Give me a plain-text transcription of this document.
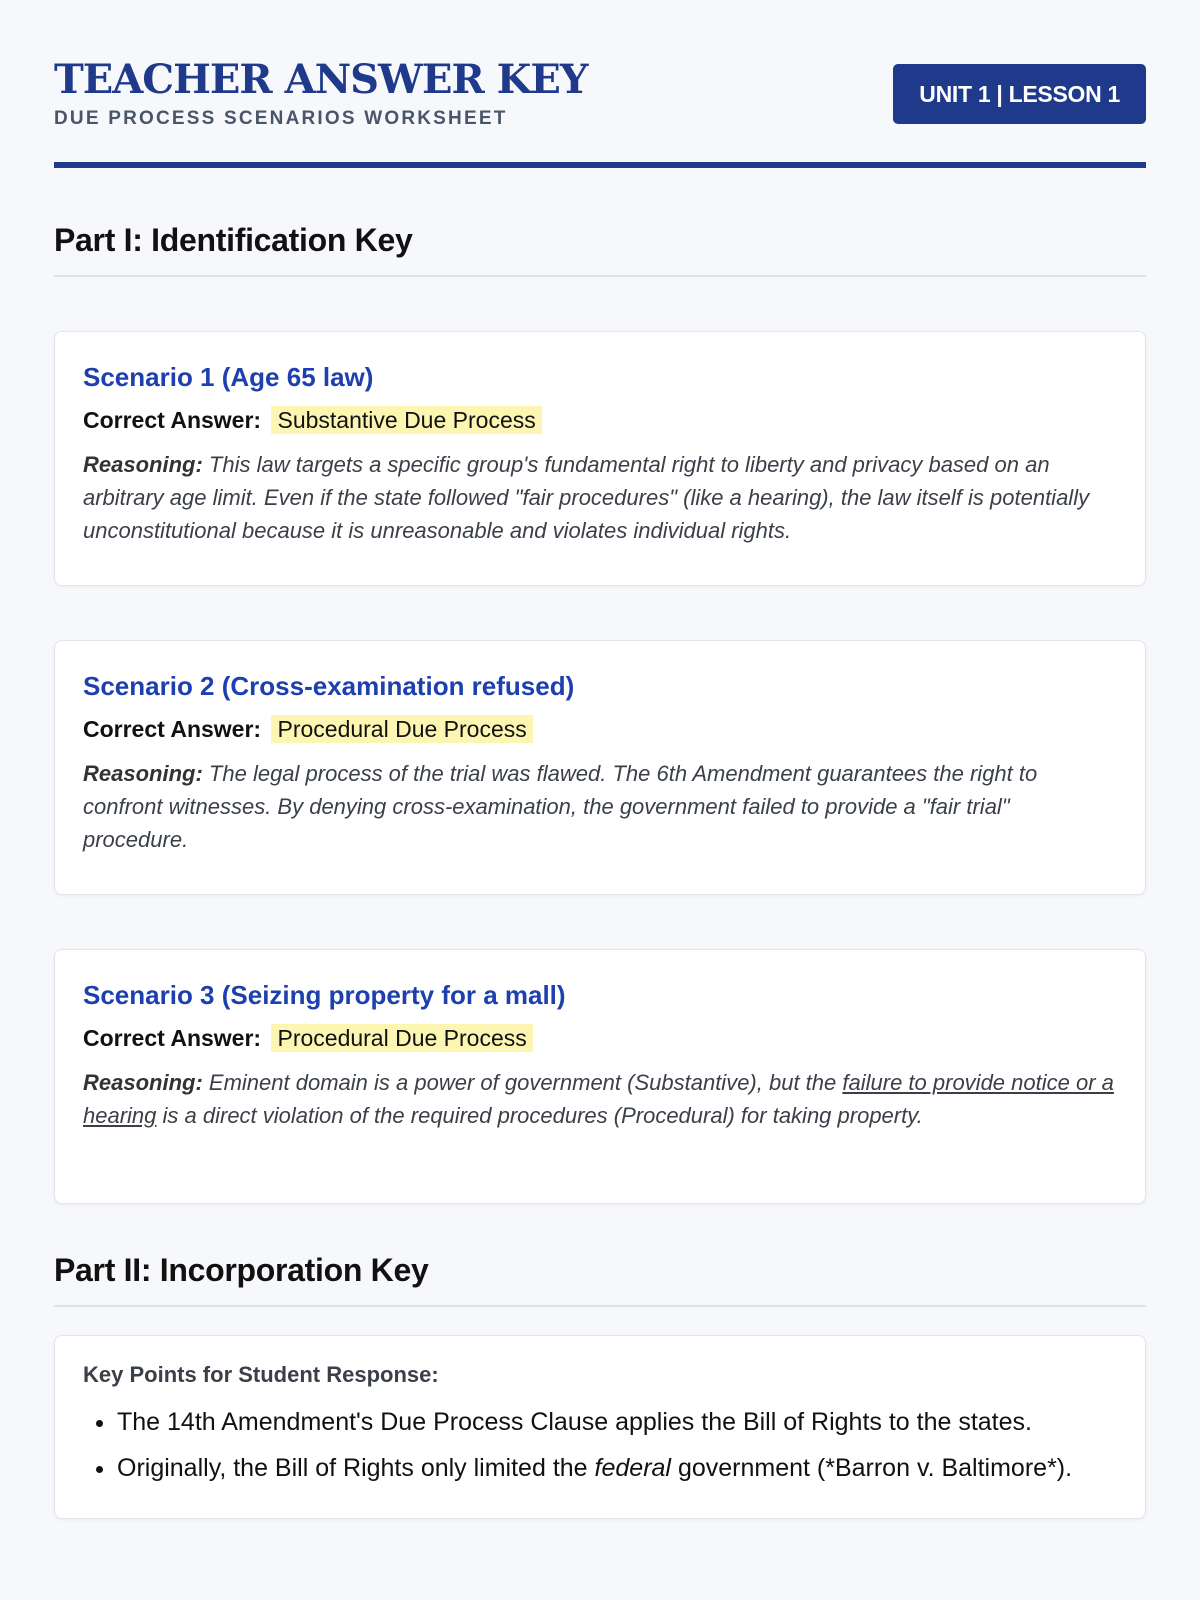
TEACHER ANSWER KEY
DUE PROCESS SCENARIOS WORKSHEET
UNIT 1 | LESSON 1
Part I: Identification Key
Scenario 1 (Age 65 law)
Correct Answer: Substantive Due Process
Reasoning: This law targets a specific group's fundamental right to liberty and privacy based on an arbitrary age limit. Even if the state followed "fair procedures" (like a hearing), the law itself is potentially unconstitutional because it is unreasonable and violates individual rights.
Scenario 2 (Cross-examination refused)
Correct Answer: Procedural Due Process
Reasoning: The legal process of the trial was flawed. The 6th Amendment guarantees the right to confront witnesses. By denying cross-examination, the government failed to provide a "fair trial" procedure.
Scenario 3 (Seizing property for a mall)
Correct Answer: Procedural Due Process
Reasoning: Eminent domain is a power of government (Substantive), but the failure to provide notice or a hearing is a direct violation of the required procedures (Procedural) for taking property.
Part II: Incorporation Key
Key Points for Student Response:
• The 14th Amendment's Due Process Clause applies the Bill of Rights to the states.
• Originally, the Bill of Rights only limited the federal government (*Barron v. Baltimore*).
